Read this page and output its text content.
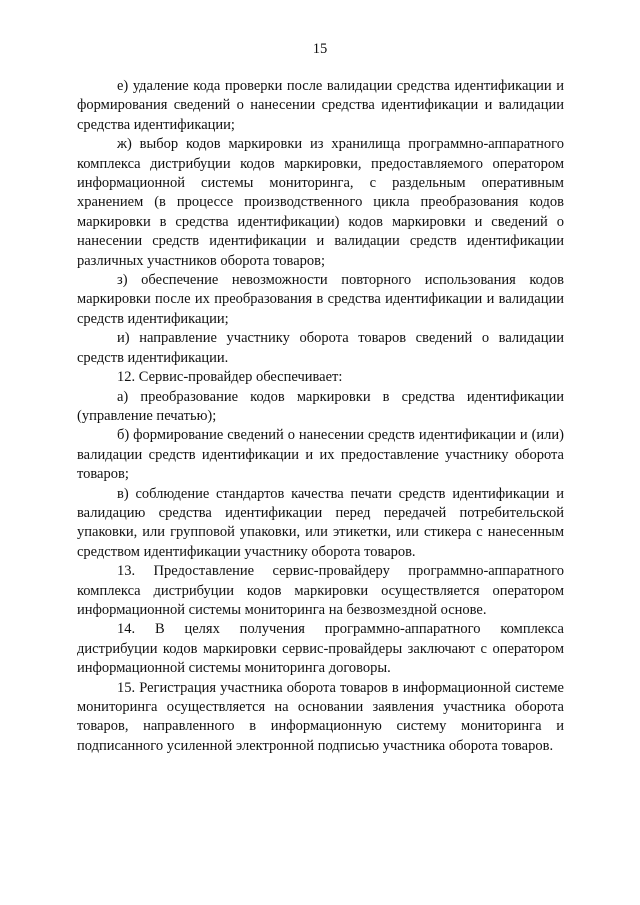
15

е) удаление кода проверки после валидации средства идентификации и формирования сведений о нанесении средства идентификации и валидации средства идентификации;

ж) выбор кодов маркировки из хранилища программно-аппаратного комплекса дистрибуции кодов маркировки, предоставляемого оператором информационной системы мониторинга, с раздельным оперативным хранением (в процессе производственного цикла преобразования кодов маркировки в средства идентификации) кодов маркировки и сведений о нанесении средств идентификации и валидации средств идентификации различных участников оборота товаров;

з) обеспечение невозможности повторного использования кодов маркировки после их преобразования в средства идентификации и валидации средств идентификации;

и) направление участнику оборота товаров сведений о валидации средств идентификации.

12. Сервис-провайдер обеспечивает:

а) преобразование кодов маркировки в средства идентификации (управление печатью);

б) формирование сведений о нанесении средств идентификации и (или) валидации средств идентификации и их предоставление участнику оборота товаров;

в) соблюдение стандартов качества печати средств идентификации и валидацию средства идентификации перед передачей потребительской упаковки, или групповой упаковки, или этикетки, или стикера с нанесенным средством идентификации участнику оборота товаров.

13. Предоставление сервис-провайдеру программно-аппаратного комплекса дистрибуции кодов маркировки осуществляется оператором информационной системы мониторинга на безвозмездной основе.

14. В целях получения программно-аппаратного комплекса дистрибуции кодов маркировки сервис-провайдеры заключают с оператором информационной системы мониторинга договоры.

15. Регистрация участника оборота товаров в информационной системе мониторинга осуществляется на основании заявления участника оборота товаров, направленного в информационную систему мониторинга и подписанного усиленной электронной подписью участника оборота товаров.
